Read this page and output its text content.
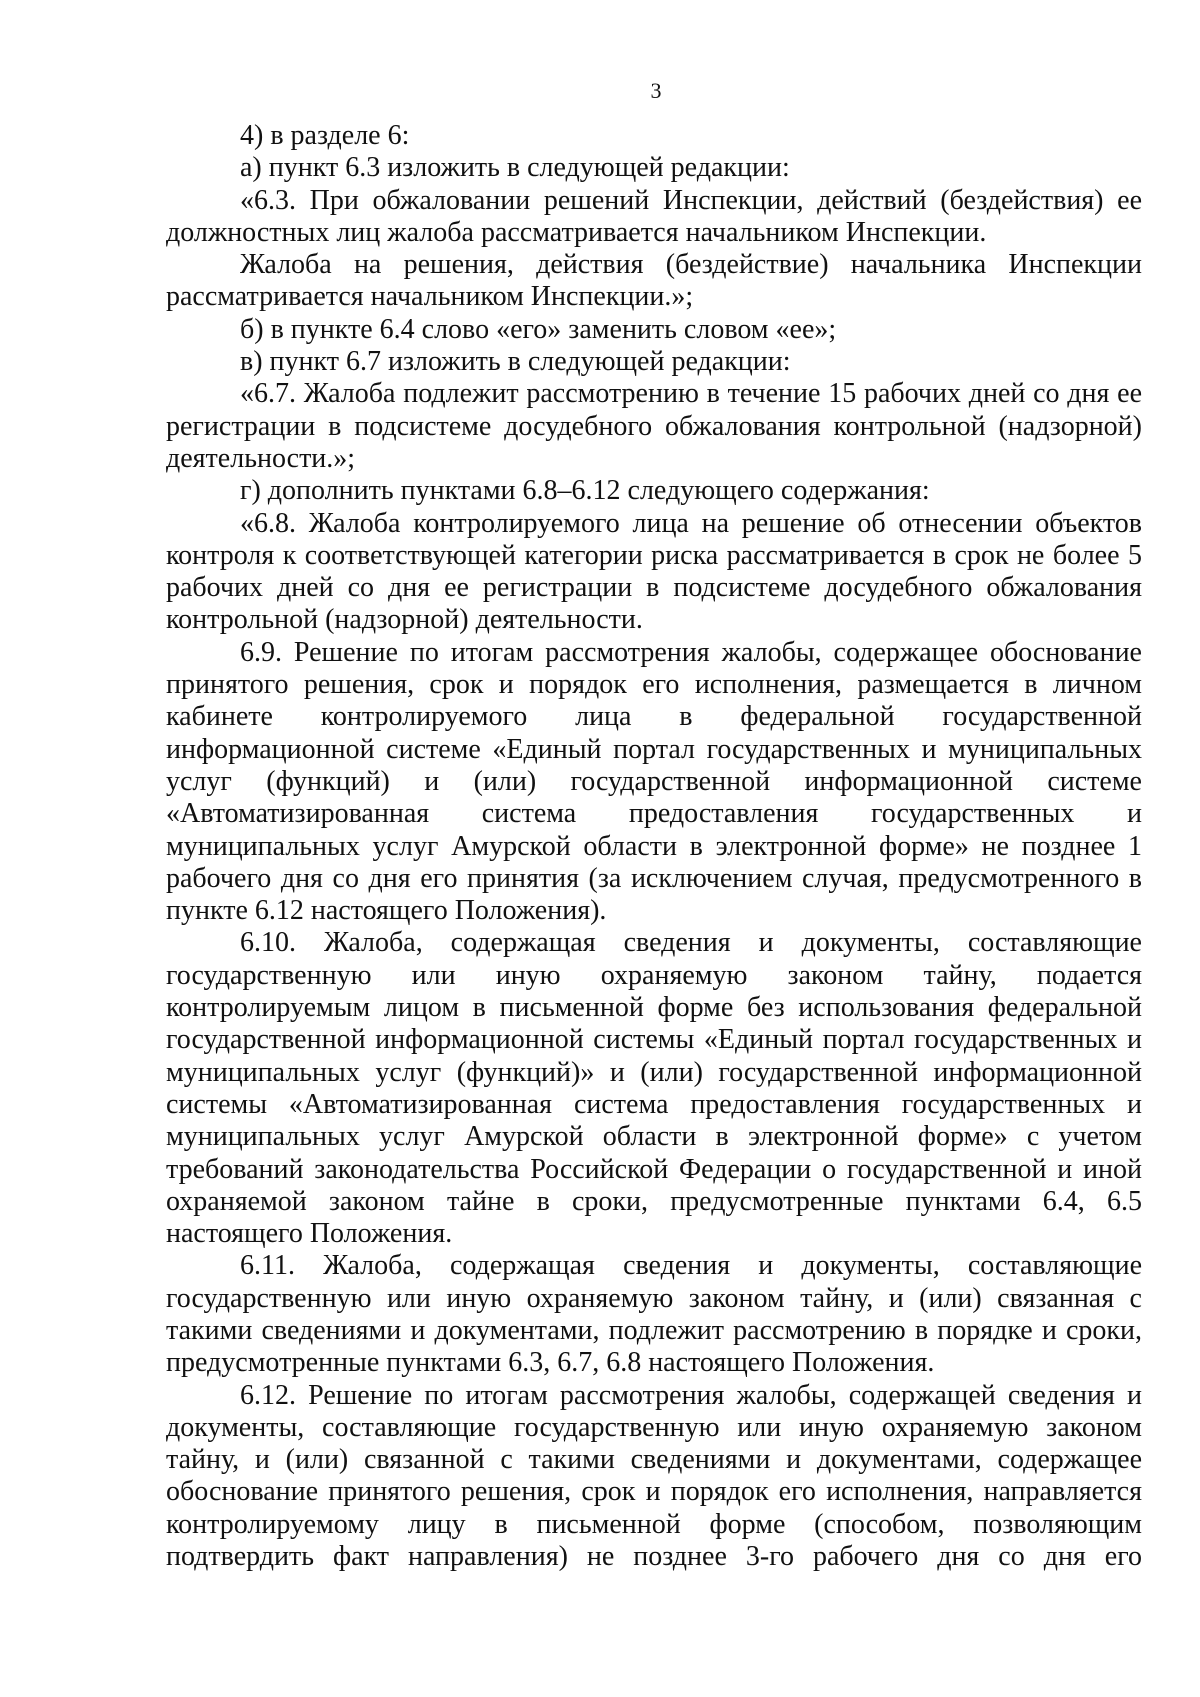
3

4) в разделе 6:

а) пункт 6.3 изложить в следующей редакции:

«6.3. При обжаловании решений Инспекции, действий (бездействия) ее должностных лиц жалоба рассматривается начальником Инспекции.

Жалоба на решения, действия (бездействие) начальника Инспекции рассматривается начальником Инспекции.»;

б) в пункте 6.4 слово «его» заменить словом «ее»;

в) пункт 6.7 изложить в следующей редакции:

«6.7. Жалоба подлежит рассмотрению в течение 15 рабочих дней со дня ее регистрации в подсистеме досудебного обжалования контрольной (надзорной) деятельности.»;

г) дополнить пунктами 6.8–6.12 следующего содержания:

«6.8. Жалоба контролируемого лица на решение об отнесении объектов контроля к соответствующей категории риска рассматривается в срок не более 5 рабочих дней со дня ее регистрации в подсистеме досудебного обжалования контрольной (надзорной) деятельности.

6.9. Решение по итогам рассмотрения жалобы, содержащее обоснование принятого решения, срок и порядок его исполнения, размещается в личном кабинете контролируемого лица в федеральной государственной информационной системе «Единый портал государственных и муниципальных услуг (функций) и (или) государственной информационной системе «Автоматизированная система предоставления государственных и муниципальных услуг Амурской области в электронной форме» не позднее 1 рабочего дня со дня его принятия (за исключением случая, предусмотренного в пункте 6.12 настоящего Положения).

6.10. Жалоба, содержащая сведения и документы, составляющие государственную или иную охраняемую законом тайну, подается контролируемым лицом в письменной форме без использования федеральной государственной информационной системы «Единый портал государственных и муниципальных услуг (функций)» и (или) государственной информационной системы «Автоматизированная система предоставления государственных и муниципальных услуг Амурской области в электронной форме» с учетом требований законодательства Российской Федерации о государственной и иной охраняемой законом тайне в сроки, предусмотренные пунктами 6.4, 6.5 настоящего Положения.

6.11. Жалоба, содержащая сведения и документы, составляющие государственную или иную охраняемую законом тайну, и (или) связанная с такими сведениями и документами, подлежит рассмотрению в порядке и сроки, предусмотренные пунктами 6.3, 6.7, 6.8 настоящего Положения.

6.12. Решение по итогам рассмотрения жалобы, содержащей сведения и документы, составляющие государственную или иную охраняемую законом тайну, и (или) связанной с такими сведениями и документами, содержащее обоснование принятого решения, срок и порядок его исполнения, направляется контролируемому лицу в письменной форме (способом, позволяющим подтвердить факт направления) не позднее 3-го рабочего дня со дня его
